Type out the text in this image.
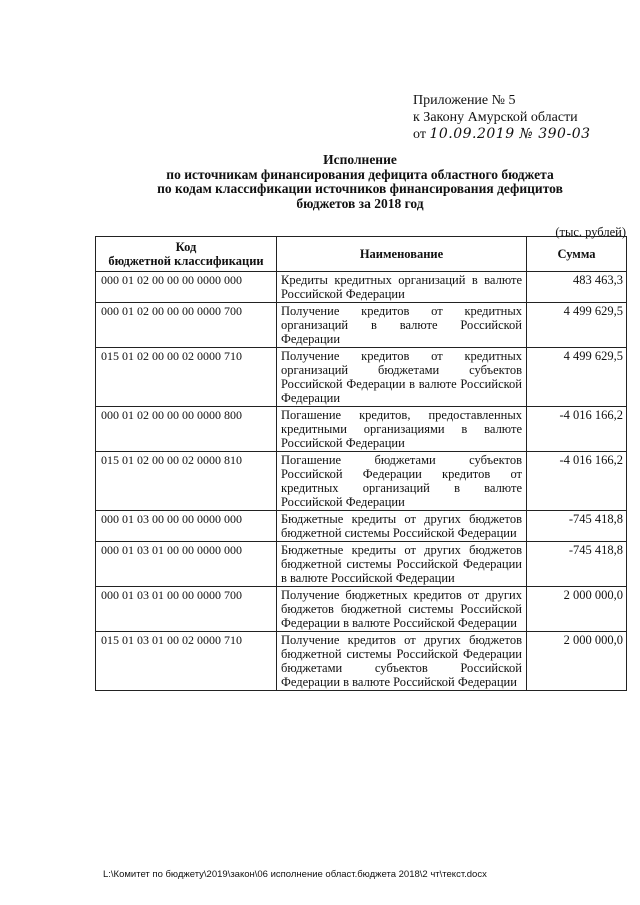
Приложение № 5
к Закону Амурской области
от 10.09.2019 № 390-03
Исполнение
по источникам финансирования дефицита областного бюджета
по кодам классификации источников финансирования дефицитов
бюджетов за 2018 год
(тыс. рублей)
Код
бюджетной классификации	Наименование	Сумма
000 01 02 00 00 00 0000 000	Кредиты кредитных организаций в валюте Российской Федерации	483 463,3
000 01 02 00 00 00 0000 700	Получение кредитов от кредитных организаций в валюте Российской Федерации	4 499 629,5
015 01 02 00 00 02 0000 710	Получение кредитов от кредитных организаций бюджетами субъектов Российской Федерации в валюте Российской Федерации	4 499 629,5
000 01 02 00 00 00 0000 800	Погашение кредитов, предоставленных кредитными организациями в валюте Российской Федерации	-4 016 166,2
015 01 02 00 00 02 0000 810	Погашение бюджетами субъектов Российской Федерации кредитов от кредитных организаций в валюте Российской Федерации	-4 016 166,2
000 01 03 00 00 00 0000 000	Бюджетные кредиты от других бюджетов бюджетной системы Российской Федерации	-745 418,8
000 01 03 01 00 00 0000 000	Бюджетные кредиты от других бюджетов бюджетной системы Российской Федерации в валюте Российской Федерации	-745 418,8
000 01 03 01 00 00 0000 700	Получение бюджетных кредитов от других бюджетов бюджетной системы Российской Федерации в валюте Российской Федерации	2 000 000,0
015 01 03 01 00 02 0000 710	Получение кредитов от других бюджетов бюджетной системы Российской Федерации бюджетами субъектов Российской Федерации в валюте Российской Федерации	2 000 000,0
L:\Комитет по бюджету\2019\закон\06 исполнение област.бюджета 2018\2 чт\текст.docx
